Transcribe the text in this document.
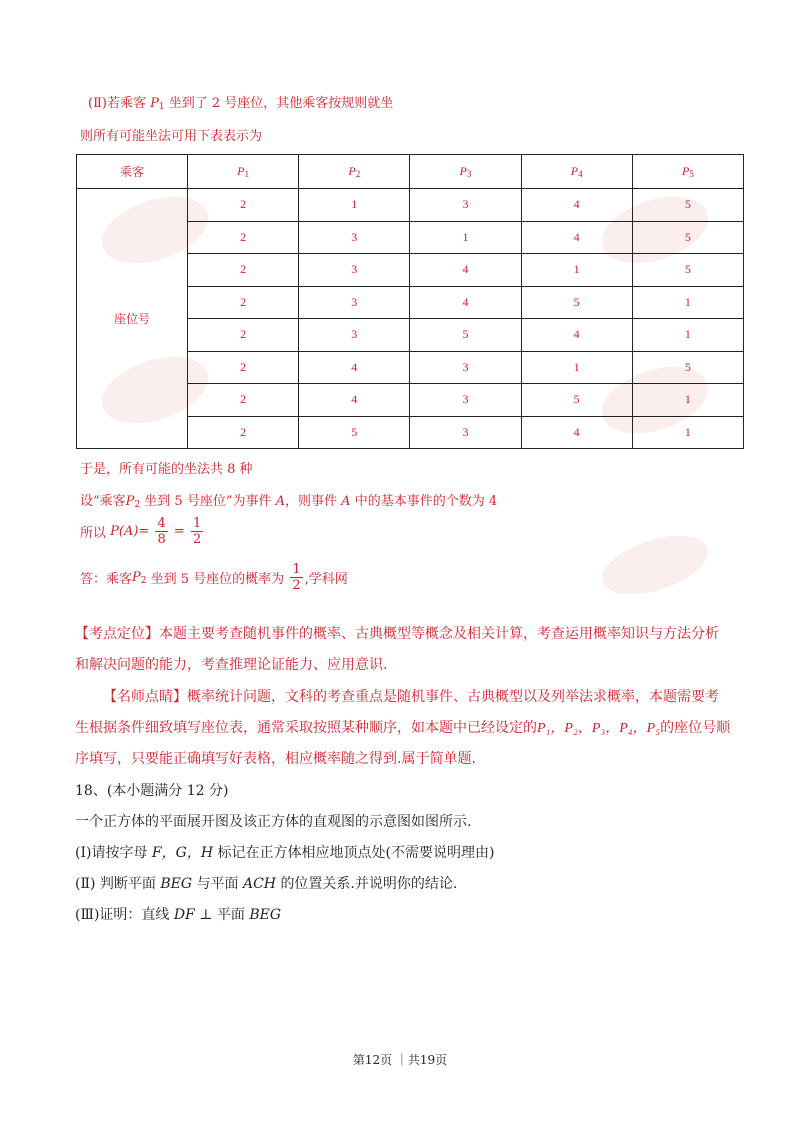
(Ⅱ)若乘客 $P_1$ 坐到了 2 号座位，其他乘客按规则就坐
则所有可能坐法可用下表表示为
乘客	$P_1$	$P_2$	$P_3$	$P_4$	$P_5$
座位号	2	1	3	4	5
	2	3	1	4	5
	2	3	4	1	5
	2	3	4	5	1
	2	3	5	4	1
	2	4	3	1	5
	2	4	3	5	1
	2	5	3	4	1
于是，所有可能的坐法共 8 种
设“乘客$P_2$ 坐到 5 号座位”为事件 A，则事件 A 中的基本事件的个数为 4
所以 $P(A)= \frac{4}{8} = \frac{1}{2}$
答：乘客$P_2$ 坐到 5 号座位的概率为 $\frac{1}{2}$ ,学科网
【考点定位】本题主要考查随机事件的概率、古典概型等概念及相关计算，考查运用概率知识与方法分析
和解决问题的能力，考查推理论证能力、应用意识.
【名师点睛】概率统计问题，文科的考查重点是随机事件、古典概型以及列举法求概率，本题需要考
生根据条件细致填写座位表，通常采取按照某种顺序，如本题中已经设定的P₁，P₂，P₃，P₄，P₅的座位号顺
序填写，只要能正确填写好表格，相应概率随之得到.属于简单题.
18、(本小题满分 12 分)
一个正方体的平面展开图及该正方体的直观图的示意图如图所示.
(Ⅰ)请按字母 F，G，H 标记在正方体相应地顶点处(不需要说明理由)
(Ⅱ) 判断平面 BEG 与平面 ACH 的位置关系.并说明你的结论.
(Ⅲ)证明：直线 DF ⊥ 平面 BEG
第12页 ｜共19页
